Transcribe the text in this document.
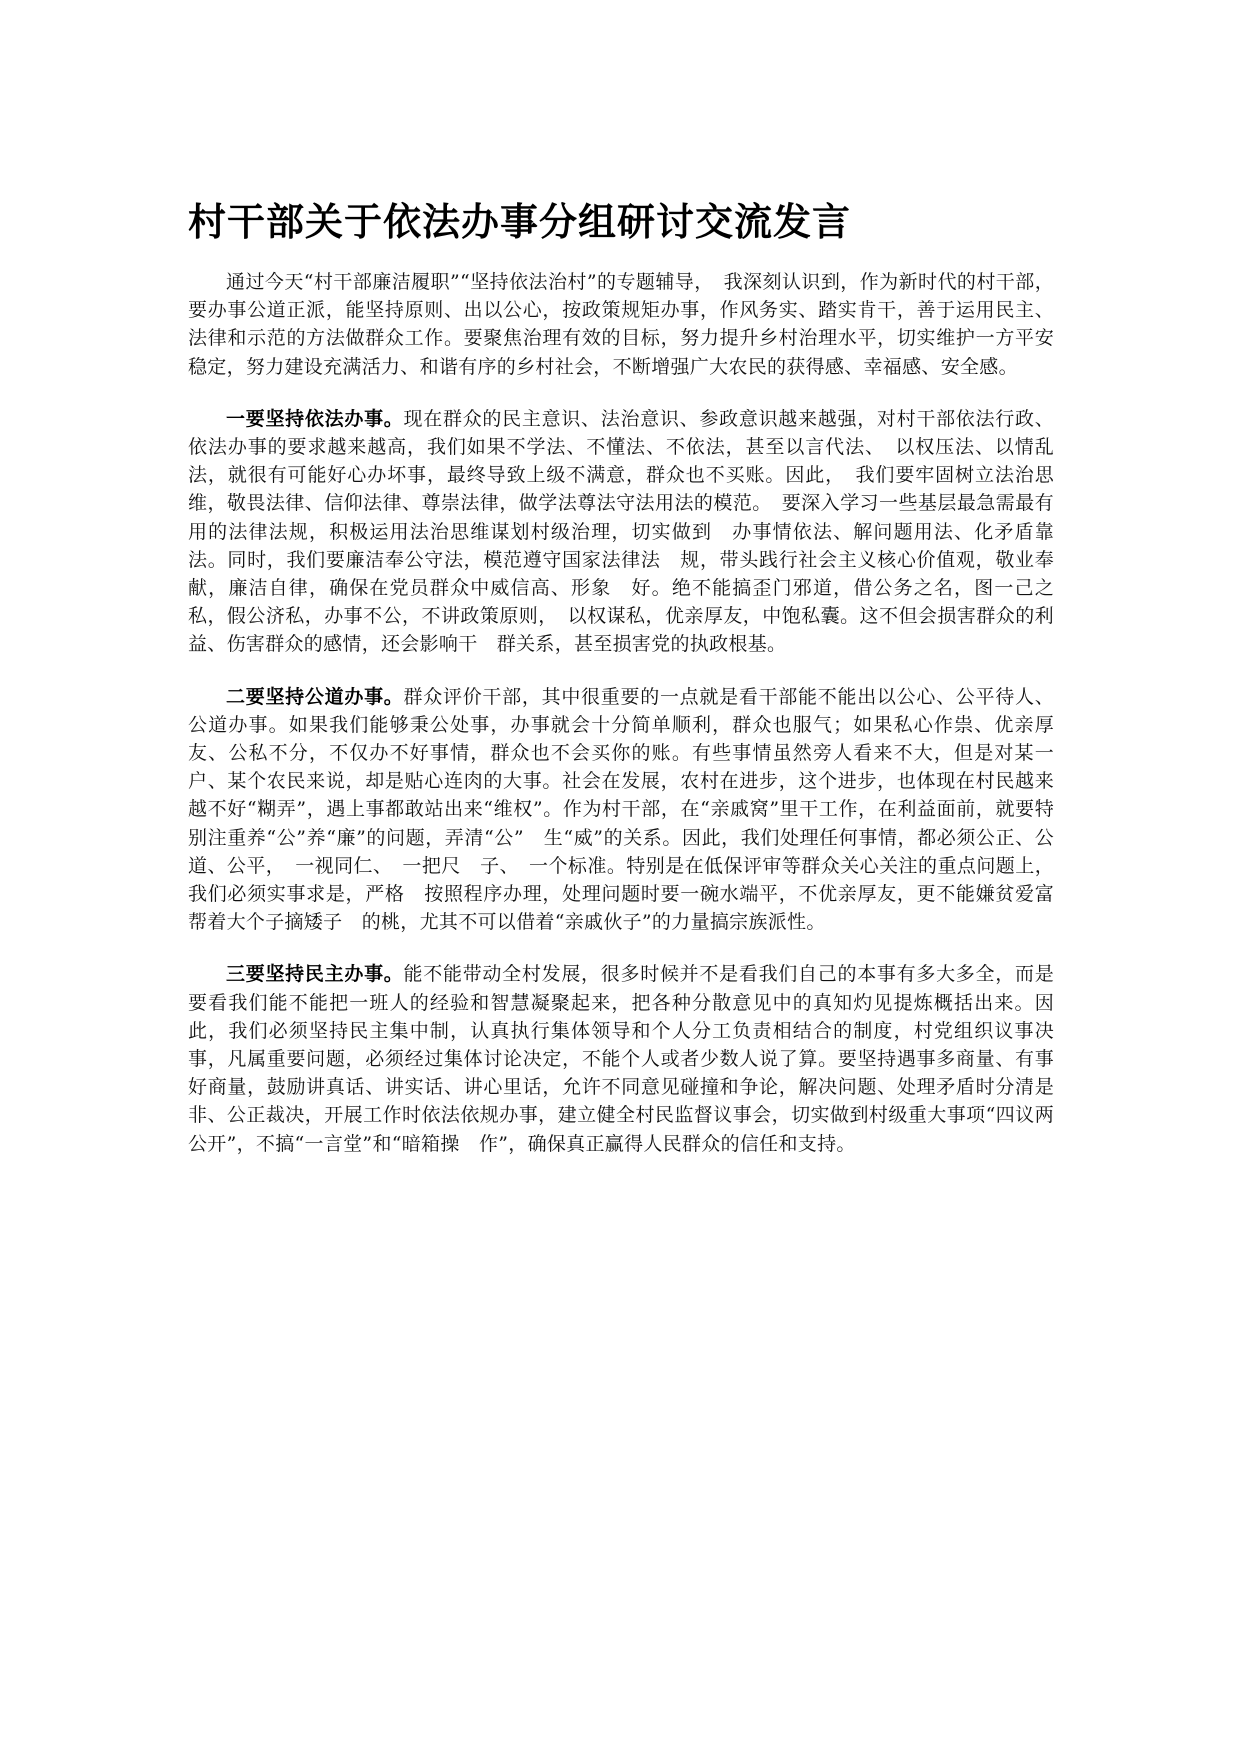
村干部关于依法办事分组研讨交流发言

通过今天“村干部廉洁履职”“坚持依法治村”的专题辅导，　我深刻认识到，作为新时代的村干部，要办事公道正派，能坚持原则、出以公心，按政策规矩办事，作风务实、踏实肯干，善于运用民主、法律和示范的方法做群众工作。要聚焦治理有效的目标，努力提升乡村治理水平，切实维护一方平安稳定，努力建设充满活力、和谐有序的乡村社会，不断增强广大农民的获得感、幸福感、安全感。

一要坚持依法办事。现在群众的民主意识、法治意识、参政意识越来越强，对村干部依法行政、依法办事的要求越来越高，我们如果不学法、不懂法、不依法，甚至以言代法、　以权压法、以情乱法，就很有可能好心办坏事，最终导致上级不满意，群众也不买账。因此，　我们要牢固树立法治思维，敬畏法律、信仰法律、尊崇法律，做学法尊法守法用法的模范。　要深入学习一些基层最急需最有用的法律法规，积极运用法治思维谋划村级治理，切实做到　办事情依法、解问题用法、化矛盾靠法。同时，我们要廉洁奉公守法，模范遵守国家法律法　规，带头践行社会主义核心价值观，敬业奉献，廉洁自律，确保在党员群众中威信高、形象　好。绝不能搞歪门邪道，借公务之名，图一己之私，假公济私，办事不公，不讲政策原则，　以权谋私，优亲厚友，中饱私囊。这不但会损害群众的利益、伤害群众的感情，还会影响干　群关系，甚至损害党的执政根基。

二要坚持公道办事。群众评价干部，其中很重要的一点就是看干部能不能出以公心、公平待人、公道办事。如果我们能够秉公处事，办事就会十分简单顺利，群众也服气；如果私心作祟、优亲厚友、公私不分，不仅办不好事情，群众也不会买你的账。有些事情虽然旁人看来不大，但是对某一户、某个农民来说，却是贴心连肉的大事。社会在发展，农村在进步，这个进步，也体现在村民越来越不好“糊弄”，遇上事都敢站出来“维权”。作为村干部，在“亲戚窝”里干工作，在利益面前，就要特别注重养“公”养“廉”的问题，弄清“公”　生“威”的关系。因此，我们处理任何事情，都必须公正、公道、公平，　一视同仁、　一把尺　子、　一个标准。特别是在低保评审等群众关心关注的重点问题上，我们必须实事求是，严格　按照程序办理，处理问题时要一碗水端平，不优亲厚友，更不能嫌贫爱富帮着大个子摘矮子　的桃，尤其不可以借着“亲戚伙子”的力量搞宗族派性。

三要坚持民主办事。能不能带动全村发展，很多时候并不是看我们自己的本事有多大多全，而是要看我们能不能把一班人的经验和智慧凝聚起来，把各种分散意见中的真知灼见提炼概括出来。因此，我们必须坚持民主集中制，认真执行集体领导和个人分工负责相结合的制度，村党组织议事决事，凡属重要问题，必须经过集体讨论决定，不能个人或者少数人说了算。要坚持遇事多商量、有事好商量，鼓励讲真话、讲实话、讲心里话，允许不同意见碰撞和争论，解决问题、处理矛盾时分清是非、公正裁决，开展工作时依法依规办事，建立健全村民监督议事会，切实做到村级重大事项“四议两公开”，不搞“一言堂”和“暗箱操　作”，确保真正赢得人民群众的信任和支持。
